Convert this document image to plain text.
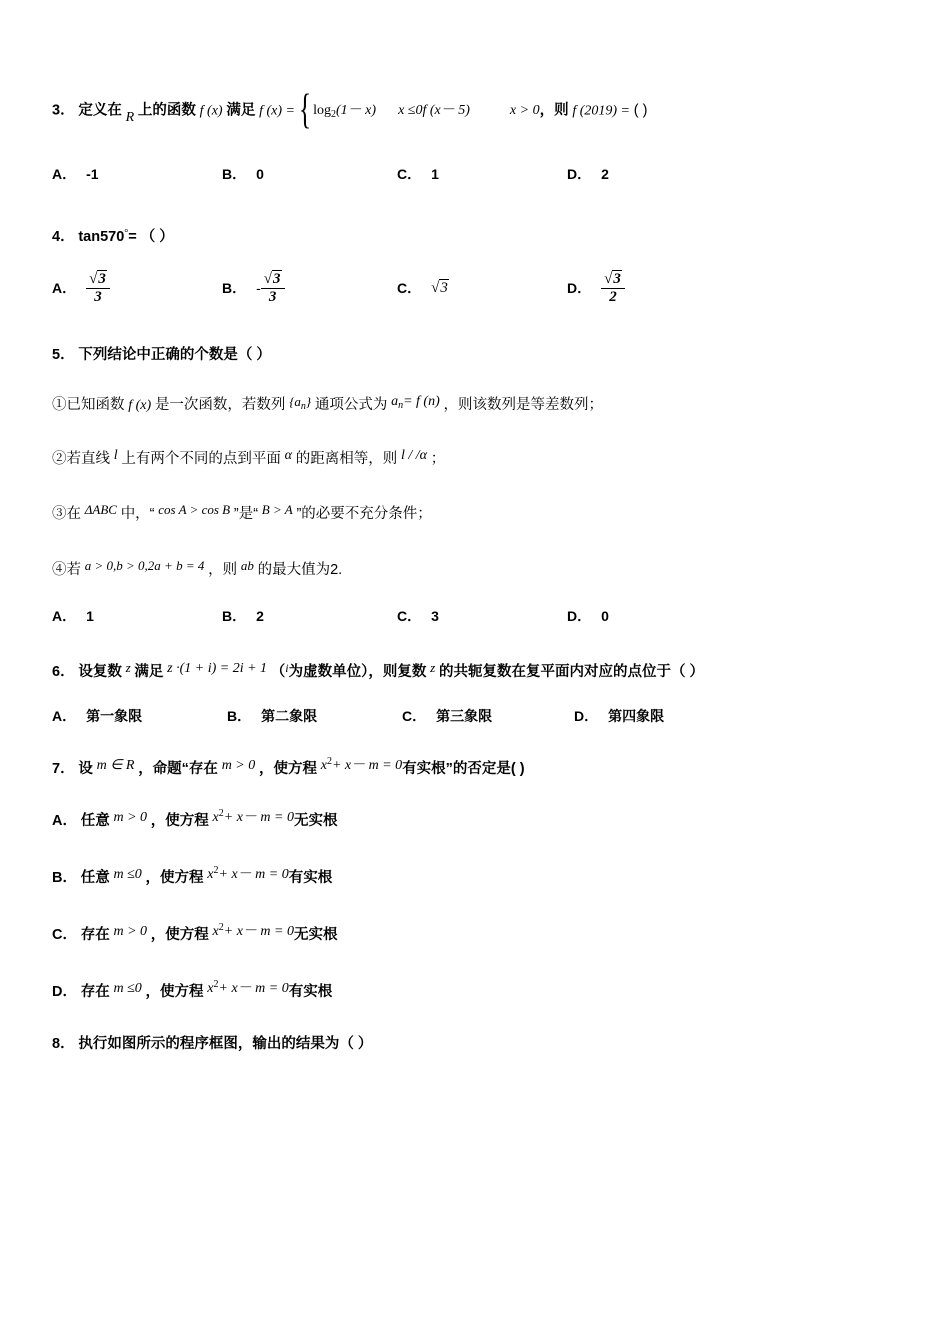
3． 定义在 R 上的函数 f (x) 满足 f (x) = { $\log_2(1- x)$ x ≤0f (x－ 5)	x > 0 ，则 f (2019) = ( )
A． -1	B． 0	C． 1	D． 2
4． tan570°= （ ）
A． $\frac{√3}{3}$	B． - $\frac{√3}{3}$	C． √3	D． $\frac{√3}{2}$
5． 下列结论中正确的个数是（ ）
①已知函数 f (x) 是一次函数，若数列 $\{a_n\}$ 通项公式为 $a_n= f$ (n) ，则该数列是等差数列；
②若直线 l 上有两个不同的点到平面 α 的距离相等，则 l / /α ；
③在 ΔABC 中，“ cos A > cos B ”是“ B > A ”的必要不充分条件；
④若 a > 0,b > 0,2a + b = 4 ，则 ab 的最大值为2.
A． 1	B． 2	C． 3	D． 0
6． 设复数 z 满足 z ·(1 + i) = 2i + 1 （$^i$为虚数单位），则复数 z 的共轭复数在复平面内对应的点位于（ ）
A． 第一象限	B． 第二象限	C． 第三象限	D． 第四象限
7． 设 m ∈ R ，命题“存在 m > 0 ，使方程 $x^2+ x- m = 0$有实根”的否定是( )
A． 任意 m > 0 ，使方程 $x^2+ x- m = 0$无实根
B． 任意 m ≤0 ，使方程 $x^2+ x- m = 0$有实根
C． 存在 m > 0 ，使方程 $x^2+ x- m = 0$无实根
D． 存在 m ≤0 ，使方程 $x^2+ x- m = 0$有实根
8． 执行如图所示的程序框图，输出的结果为（ ）
